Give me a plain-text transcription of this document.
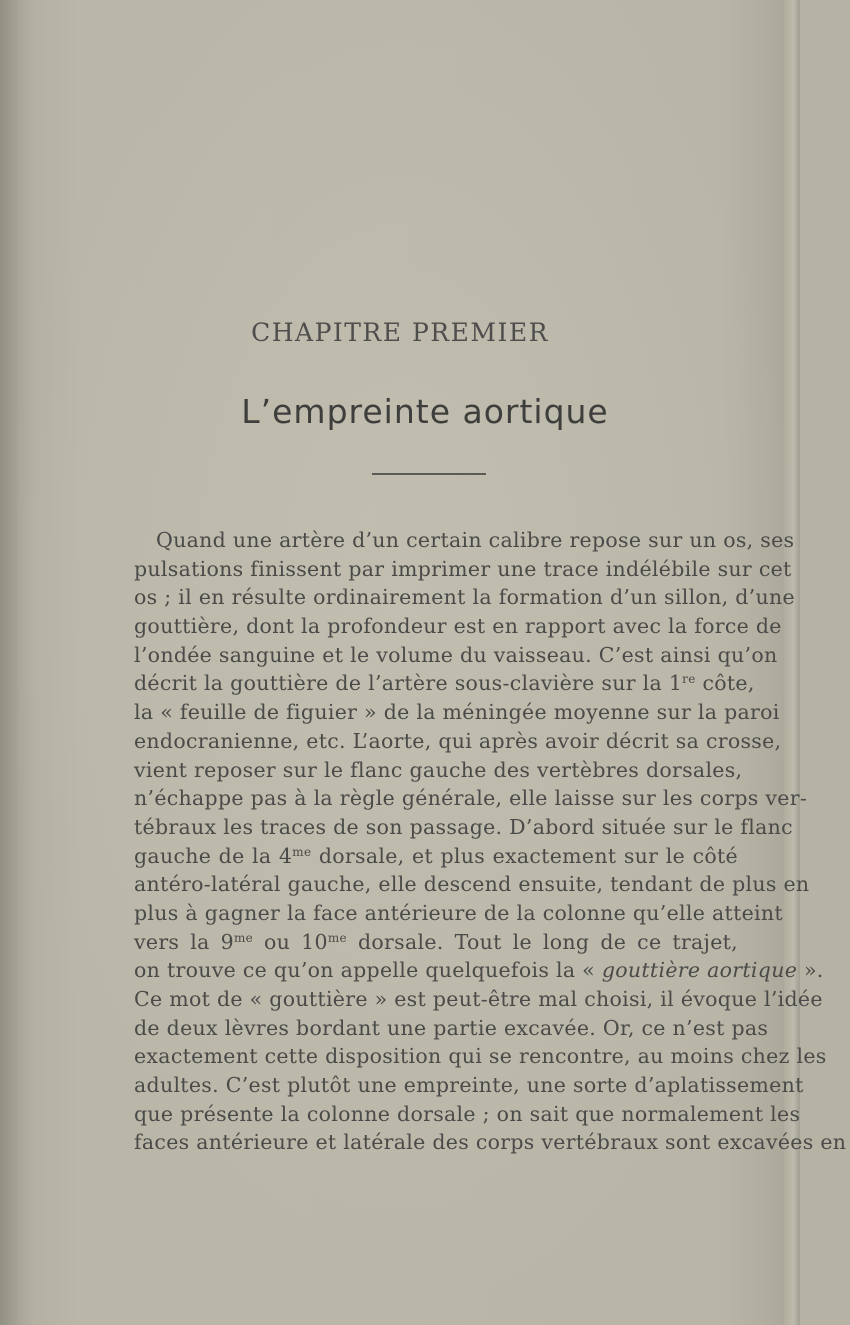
CHAPITRE PREMIER
L’empreinte aortique
Quand une artère d’un certain calibre repose sur un os, ses
pulsations finissent par imprimer une trace indélébile sur cet
os ; il en résulte ordinairement la formation d’un sillon, d’une
gouttière, dont la profondeur est en rapport avec la force de
l’ondée sanguine et le volume du vaisseau. C’est ainsi qu’on
décrit la gouttière de l’artère sous-clavière sur la 1re côte,
la « feuille de figuier » de la méningée moyenne sur la paroi
endocranienne, etc. L’aorte, qui après avoir décrit sa crosse,
vient reposer sur le flanc gauche des vertèbres dorsales,
n’échappe pas à la règle générale, elle laisse sur les corps ver-
tébraux les traces de son passage. D’abord située sur le flanc
gauche de la $4^{me}$ dorsale, et plus exactement sur le côté
antéro-latéral gauche, elle descend ensuite, tendant de plus en
plus à gagner la face antérieure de la colonne qu’elle atteint
vers la $9^{me}$ ou $10^{me}$ dorsale. Tout le long de ce trajet,
on trouve ce qu’on appelle quelquefois la « gouttière aortique ».
Ce mot de « gouttière » est peut-être mal choisi, il évoque l’idée
de deux lèvres bordant une partie excavée. Or, ce n’est pas
exactement cette disposition qui se rencontre, au moins chez les
adultes. C’est plutôt une empreinte, une sorte d’aplatissement
que présente la colonne dorsale ; on sait que normalement les
faces antérieure et latérale des corps vertébraux sont excavées en
